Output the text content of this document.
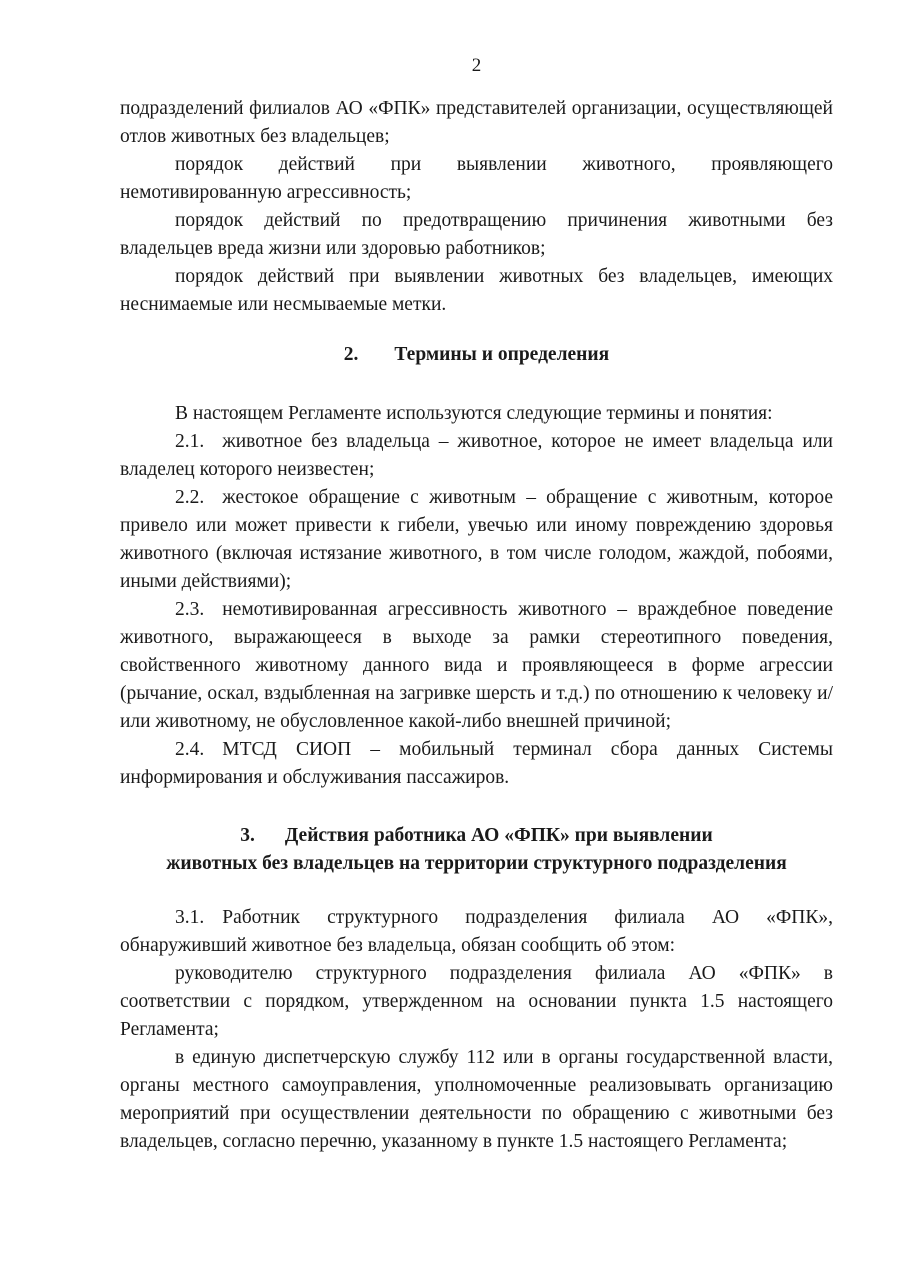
2

подразделений филиалов АО «ФПК» представителей организации, осуществляющей отлов животных без владельцев;

порядок действий при выявлении животного, проявляющего немотивированную агрессивность;

порядок действий по предотвращению причинения животными без владельцев вреда жизни или здоровью работников;

порядок действий при выявлении животных без владельцев, имеющих неснимаемые или несмываемые метки.

2. Термины и определения

В настоящем Регламенте используются следующие термины и понятия:

2.1. животное без владельца – животное, которое не имеет владельца или владелец которого неизвестен;

2.2. жестокое обращение с животным – обращение с животным, которое привело или может привести к гибели, увечью или иному повреждению здоровья животного (включая истязание животного, в том числе голодом, жаждой, побоями, иными действиями);

2.3. немотивированная агрессивность животного – враждебное поведение животного, выражающееся в выходе за рамки стереотипного поведения, свойственного животному данного вида и проявляющееся в форме агрессии (рычание, оскал, вздыбленная на загривке шерсть и т.д.) по отношению к человеку и/или животному, не обусловленное какой-либо внешней причиной;

2.4. МТСД СИОП – мобильный терминал сбора данных Системы информирования и обслуживания пассажиров.

3. Действия работника АО «ФПК» при выявлении
животных без владельцев на территории структурного подразделения

3.1. Работник структурного подразделения филиала АО «ФПК», обнаруживший животное без владельца, обязан сообщить об этом:

руководителю структурного подразделения филиала АО «ФПК» в соответствии с порядком, утвержденном на основании пункта 1.5 настоящего Регламента;

в единую диспетчерскую службу 112 или в органы государственной власти, органы местного самоуправления, уполномоченные реализовывать организацию мероприятий при осуществлении деятельности по обращению с животными без владельцев, согласно перечню, указанному в пункте 1.5 настоящего Регламента;
